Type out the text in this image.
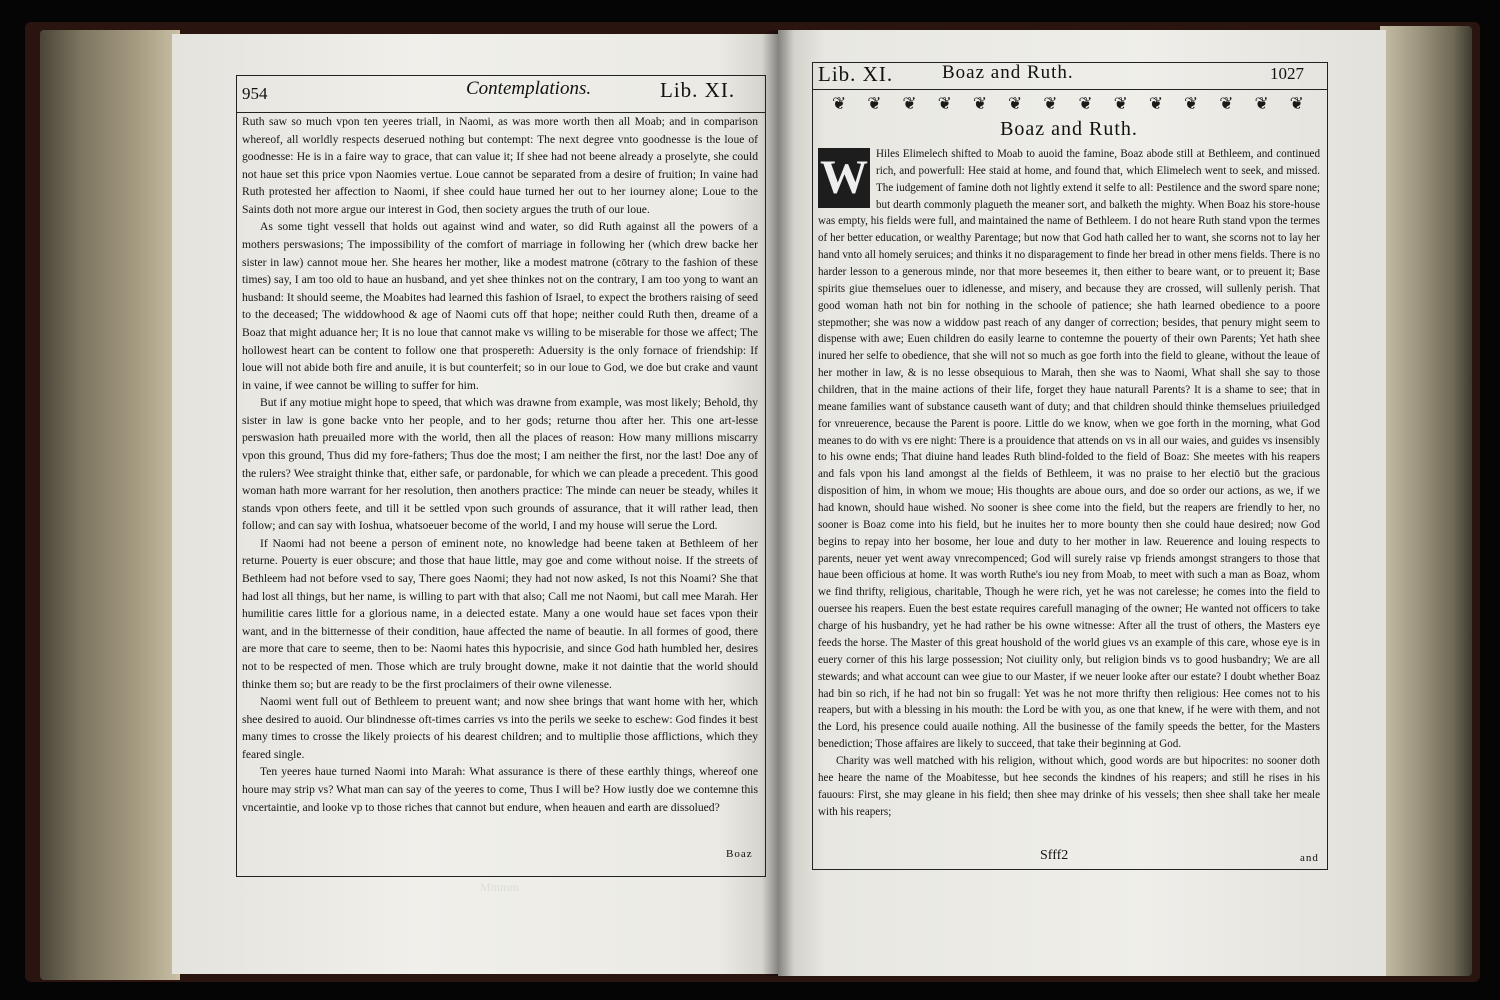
954	Contemplations.	Lib. XI.

Ruth saw so much vpon ten yeeres triall, in Naomi, as was more worth then all Moab; and in comparison whereof, all worldly respects deserued nothing but contempt: The next degree vnto goodnesse is the loue of goodnesse: He is in a faire way to grace, that can value it; If shee had not beene already a proselyte, she could not haue set this price vpon Naomies vertue. Loue cannot be separated from a desire of fruition; In vaine had Ruth protested her affection to Naomi, if shee could haue turned her out to her iourney alone; Loue to the Saints doth not more argue our interest in God, then society argues the truth of our loue.

As some tight vessell that holds out against wind and water, so did Ruth against all the powers of a mothers perswasions; The impossibility of the comfort of marriage in following her (which drew backe her sister in law) cannot moue her. She heares her mother, like a modest matrone (cōtrary to the fashion of these times) say, I am too old to haue an husband, and yet shee thinkes not on the contrary, I am too yong to want an husband: It should seeme, the Moabites had learned this fashion of Israel, to expect the brothers raising of seed to the deceased; The widdowhood & age of Naomi cuts off that hope; neither could Ruth then, dreame of a Boaz that might aduance her; It is no loue that cannot make vs willing to be miserable for those we affect; The hollowest heart can be content to follow one that prospereth: Aduersity is the only fornace of friendship: If loue will not abide both fire and anuile, it is but counterfeit; so in our loue to God, we doe but crake and vaunt in vaine, if wee cannot be willing to suffer for him.

But if any motiue might hope to speed, that which was drawne from example, was most likely; Behold, thy sister in law is gone backe vnto her people, and to her gods; returne thou after her. This one art-lesse perswasion hath preuailed more with the world, then all the places of reason: How many millions miscarry vpon this ground, Thus did my fore-fathers; Thus doe the most; I am neither the first, nor the last! Doe any of the rulers? Wee straight thinke that, either safe, or pardonable, for which we can pleade a precedent. This good woman hath more warrant for her resolution, then anothers practice: The minde can neuer be steady, whiles it stands vpon others feete, and till it be settled vpon such grounds of assurance, that it will rather lead, then follow; and can say with Ioshua, whatsoeuer become of the world, I and my house will serue the Lord.

If Naomi had not beene a person of eminent note, no knowledge had beene taken at Bethleem of her returne. Pouerty is euer obscure; and those that haue little, may goe and come without noise. If the streets of Bethleem had not before vsed to say, There goes Naomi; they had not now asked, Is not this Noami? She that had lost all things, but her name, is willing to part with that also; Call me not Naomi, but call mee Marah. Her humilitie cares little for a glorious name, in a deiected estate. Many a one would haue set faces vpon their want, and in the bitternesse of their condition, haue affected the name of beautie. In all formes of good, there are more that care to seeme, then to be: Naomi hates this hypocrisie, and since God hath humbled her, desires not to be respected of men. Those which are truly brought downe, make it not daintie that the world should thinke them so; but are ready to be the first proclaimers of their owne vilenesse.

Naomi went full out of Bethleem to preuent want; and now shee brings that want home with her, which shee desired to auoid. Our blindnesse oft-times carries vs into the perils we seeke to eschew: God findes it best many times to crosse the likely proiects of his dearest children; and to multiplie those afflictions, which they feared single.

Ten yeeres haue turned Naomi into Marah: What assurance is there of these earthly things, whereof one houre may strip vs? What man can say of the yeeres to come, Thus I will be? How iustly doe we contemne this vncertaintie, and looke vp to those riches that cannot but endure, when heauen and earth are dissolued?

Boaz
Mmmm
Lib. XI.	Boaz and Ruth.	1027
❦ ❦ ❦ ❦ ❦ ❦ ❦ ❦ ❦ ❦ ❦ ❦ ❦ ❦
Boaz and Ruth.
W Hiles Elimelech shifted to Moab to auoid the famine, Boaz abode still at Bethleem, and continued rich, and powerfull: Hee staid at home, and found that, which Elimelech went to seek, and missed. The iudgement of famine doth not lightly extend it selfe to all: Pestilence and the sword spare none; but dearth commonly plagueth the meaner sort, and balketh the mighty. When Boaz his store-house was empty, his fields were full, and maintained the name of Bethleem. I do not heare Ruth stand vpon the termes of her better education, or wealthy Parentage; but now that God hath called her to want, she scorns not to lay her hand vnto all homely seruices; and thinks it no disparagement to finde her bread in other mens fields. There is no harder lesson to a generous minde, nor that more beseemes it, then either to beare want, or to preuent it; Base spirits giue themselues ouer to idlenesse, and misery, and because they are crossed, will sullenly perish. That good woman hath not bin for nothing in the schoole of patience; she hath learned obedience to a poore stepmother; she was now a widdow past reach of any danger of correction; besides, that penury might seem to dispense with awe; Euen children do easily learne to contemne the pouerty of their own Parents; Yet hath shee inured her selfe to obedience, that she will not so much as goe forth into the field to gleane, without the leaue of her mother in law, & is no lesse obsequious to Marah, then she was to Naomi, What shall she say to those children, that in the maine actions of their life, forget they haue naturall Parents? It is a shame to see; that in meane families want of substance causeth want of duty; and that children should thinke themselues priuiledged for vnreuerence, because the Parent is poore. Little do we know, when we goe forth in the morning, what God meanes to do with vs ere night: There is a prouidence that attends on vs in all our waies, and guides vs insensibly to his owne ends; That diuine hand leades Ruth blind-folded to the field of Boaz: She meetes with his reapers and fals vpon his land amongst al the fields of Bethleem, it was no praise to her electiō but the gracious disposition of him, in whom we moue; His thoughts are aboue ours, and doe so order our actions, as we, if we had known, should haue wished. No sooner is shee come into the field, but the reapers are friendly to her, no sooner is Boaz come into his field, but he inuites her to more bounty then she could haue desired; now God begins to repay into her bosome, her loue and duty to her mother in law. Reuerence and louing respects to parents, neuer yet went away vnrecompenced; God will surely raise vp friends amongst strangers to those that haue been officious at home. It was worth Ruthe's iou ney from Moab, to meet with such a man as Boaz, whom we find thrifty, religious, charitable, Though he were rich, yet he was not carelesse; he comes into the field to ouersee his reapers. Euen the best estate requires carefull managing of the owner; He wanted not officers to take charge of his husbandry, yet he had rather be his owne witnesse: After all the trust of others, the Masters eye feeds the horse. The Master of this great houshold of the world giues vs an example of this care, whose eye is in euery corner of this his large possession; Not ciuility only, but religion binds vs to good husbandry; We are all stewards; and what account can wee giue to our Master, if we neuer looke after our estate? I doubt whether Boaz had bin so rich, if he had not bin so frugall: Yet was he not more thrifty then religious: Hee comes not to his reapers, but with a blessing in his mouth: the Lord be with you, as one that knew, if he were with them, and not the Lord, his presence could auaile nothing. All the businesse of the family speeds the better, for the Masters benediction; Those affaires are likely to succeed, that take their beginning at God.

Charity was well matched with his religion, without which, good words are but hipocrites: no sooner doth hee heare the name of the Moabitesse, but hee seconds the kindnes of his reapers; and still he rises in his fauours: First, she may gleane in his field; then shee may drinke of his vessels; then shee shall take her meale with his reapers;

Sfff2	and
